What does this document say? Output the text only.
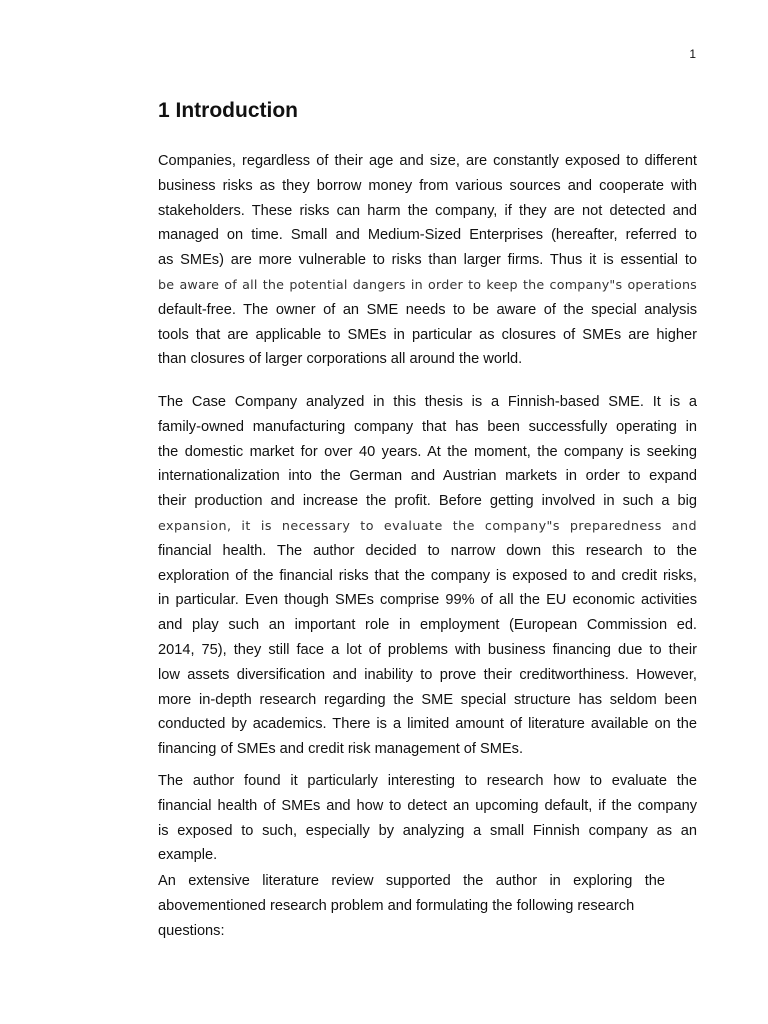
1
1 Introduction
Companies, regardless of their age and size, are constantly exposed to different
business risks as they borrow money from various sources and cooperate with
stakeholders. These risks can harm the company, if they are not detected and
managed on time. Small and Medium-Sized Enterprises (hereafter, referred to
as SMEs) are more vulnerable to risks than larger firms. Thus it is essential to
be aware of all the potential dangers in order to keep the company"s operations
default-free. The owner of an SME needs to be aware of the special analysis
tools that are applicable to SMEs in particular as closures of SMEs are higher
than closures of larger corporations all around the world.
The Case Company analyzed in this thesis is a Finnish-based SME. It is a
family-owned manufacturing company that has been successfully operating in
the domestic market for over 40 years. At the moment, the company is seeking
internationalization into the German and Austrian markets in order to expand
their production and increase the profit. Before getting involved in such a big
expansion, it is necessary to evaluate the company"s preparedness and
financial health. The author decided to narrow down this research to the
exploration of the financial risks that the company is exposed to and credit risks,
in particular. Even though SMEs comprise 99% of all the EU economic activities
and play such an important role in employment (European Commission ed.
2014, 75), they still face a lot of problems with business financing due to their
low assets diversification and inability to prove their creditworthiness. However,
more in-depth research regarding the SME special structure has seldom been
conducted by academics. There is a limited amount of literature available on the
financing of SMEs and credit risk management of SMEs.
The author found it particularly interesting to research how to evaluate the
financial health of SMEs and how to detect an upcoming default, if the company
is exposed to such, especially by analyzing a small Finnish company as an
example.
An extensive literature review supported the author in exploring the
abovementioned research problem and formulating the following research
questions:
